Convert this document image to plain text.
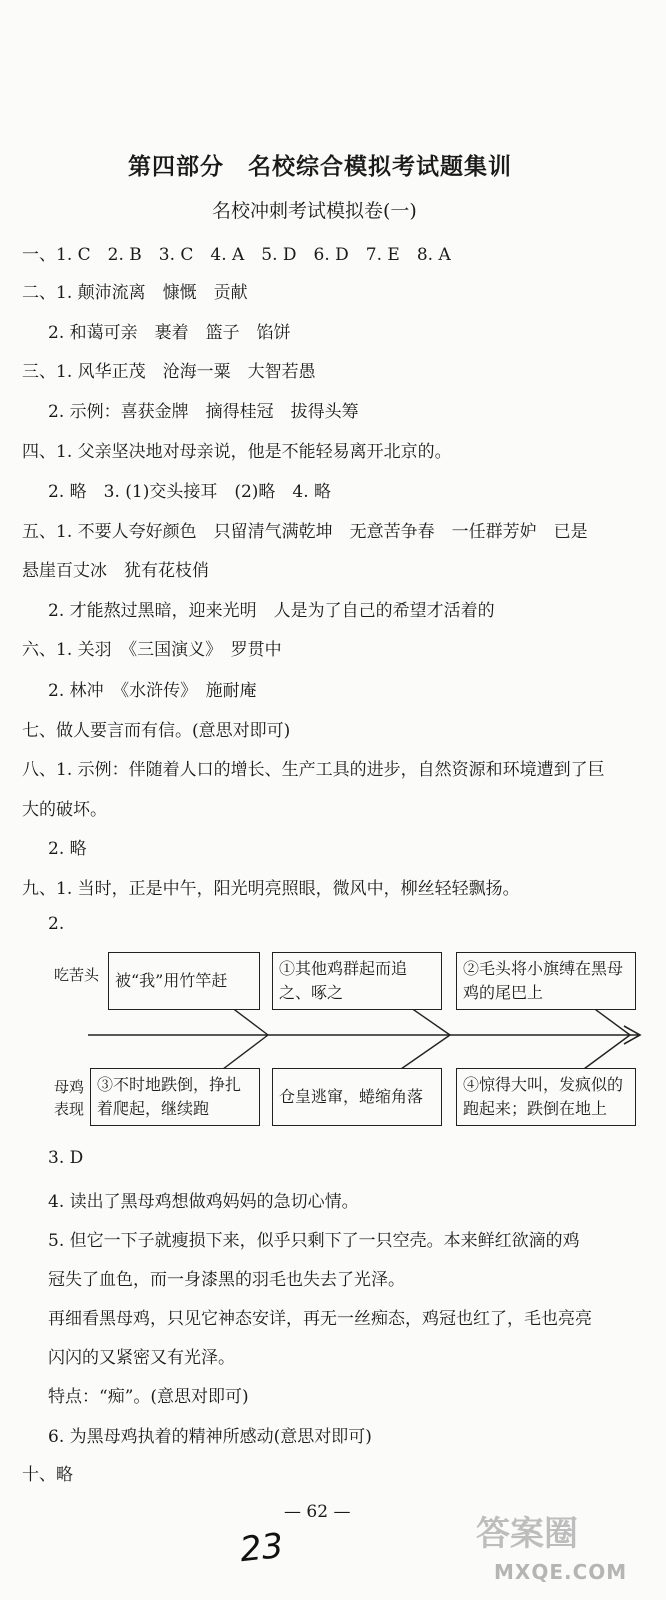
第四部分　名校综合模拟考试题集训
名校冲刺考试模拟卷(一)
一、1. C　2. B　3. C　4. A　5. D　6. D　7. E　8. A
二、1. 颠沛流离　慷慨　贡献
2. 和蔼可亲　裹着　篮子　馅饼
三、1. 风华正茂　沧海一粟　大智若愚
2. 示例：喜获金牌　摘得桂冠　拔得头筹
四、1. 父亲坚决地对母亲说，他是不能轻易离开北京的。
2. 略　3. (1)交头接耳　(2)略　4. 略
五、1. 不要人夸好颜色　只留清气满乾坤　无意苦争春　一任群芳妒　已是
悬崖百丈冰　犹有花枝俏
2. 才能熬过黑暗，迎来光明　人是为了自己的希望才活着的
六、1. 关羽　《三国演义》　罗贯中
2. 林冲　《水浒传》　施耐庵
七、做人要言而有信。(意思对即可)
八、1. 示例：伴随着人口的增长、生产工具的进步，自然资源和环境遭到了巨
大的破坏。
2. 略
九、1. 当时，正是中午，阳光明亮照眼，微风中，柳丝轻轻飘扬。
2.
吃苦头
母鸡
表现
被“我”用竹竿赶
①其他鸡群起而追之、啄之
②毛头将小旗缚在黑母鸡的尾巴上
③不时地跌倒，挣扎着爬起，继续跑
仓皇逃窜，蜷缩角落
④惊得大叫，发疯似的跑起来；跌倒在地上
3. D
4. 读出了黑母鸡想做鸡妈妈的急切心情。
5. 但它一下子就瘦损下来，似乎只剩下了一只空壳。本来鲜红欲滴的鸡
冠失了血色，而一身漆黑的羽毛也失去了光泽。
再细看黑母鸡，只见它神态安详，再无一丝痴态，鸡冠也红了，毛也亮亮
闪闪的又紧密又有光泽。
特点：“痴”。(意思对即可)
6. 为黑母鸡执着的精神所感动(意思对即可)
十、略
— 62 —
23	答案圈
MXQE.COM
